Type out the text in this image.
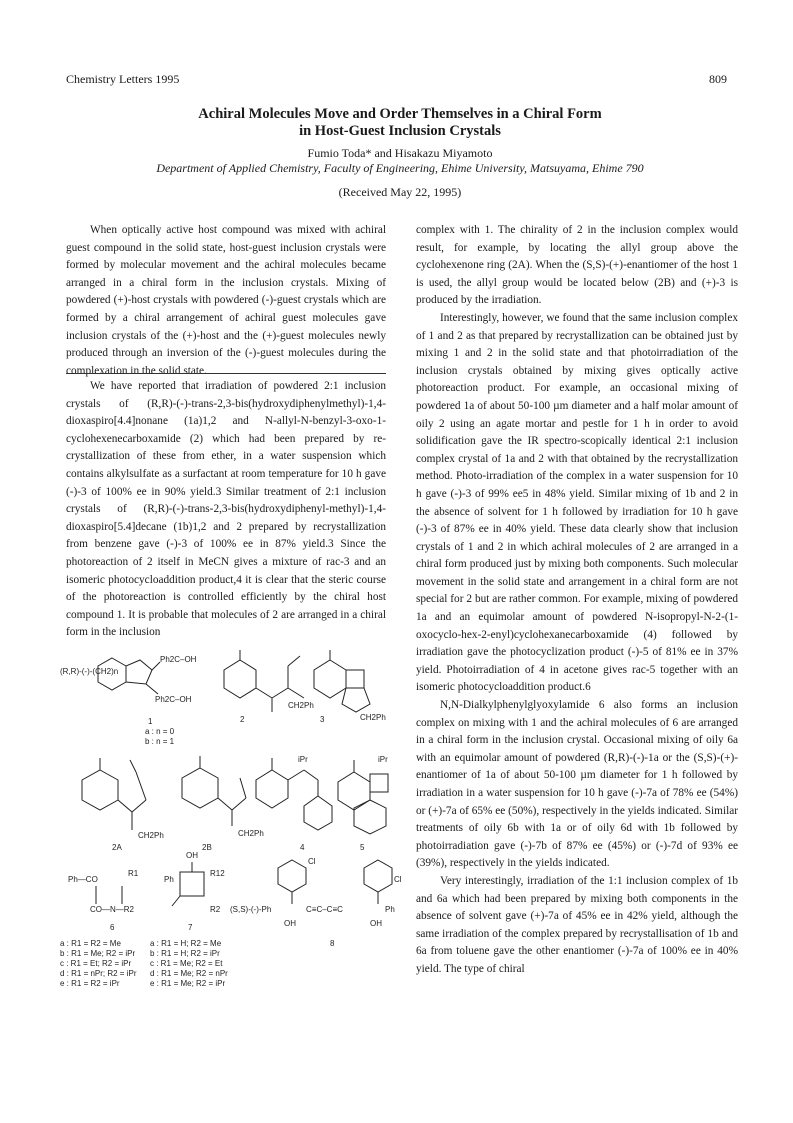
Chemistry Letters 1995	809
Achiral Molecules Move and Order Themselves in a Chiral Form
in Host-Guest Inclusion Crystals
Fumio Toda* and Hisakazu Miyamoto
Department of Applied Chemistry, Faculty of Engineering, Ehime University, Matsuyama, Ehime 790
(Received May 22, 1995)

When optically active host compound was mixed with achiral guest compound in the solid state, host-guest inclusion crystals were formed by molecular movement and the achiral molecules became arranged in a chiral form in the inclusion crystals. Mixing of powdered (+)-host crystals with powdered (-)-guest crystals which are formed by a chiral arrangement of achiral guest molecules gave inclusion crystals of the (+)-host and the (+)-guest molecules newly produced through an inversion of the (-)-guest molecules during the complexation in the solid state.

We have reported that irradiation of powdered 2:1 inclusion crystals of (R,R)-(-)-trans-2,3-bis(hydroxydiphenylmethyl)-1,4-dioxaspiro[4.4]nonane (1a)1,2 and N-allyl-N-benzyl-3-oxo-1-cyclohexenecarboxamide (2) which had been prepared by re-crystallization of these from ether, in a water suspension which contains alkylsulfate as a surfactant at room temperature for 10 h gave (-)-3 of 100% ee in 90% yield.3 Similar treatment of 2:1 inclusion crystals of (R,R)-(-)-trans-2,3-bis(hydroxydiphenyl-methyl)-1,4-dioxaspiro[5.4]decane (1b)1,2 and 2 prepared by recrystallization from benzene gave (-)-3 of 100% ee in 87% yield.3 Since the photoreaction of 2 itself in MeCN gives a mixture of rac-3 and an isomeric photocycloaddition product,4 it is clear that the steric course of the photoreaction is controlled efficiently by the chiral host compound 1. It is probable that molecules of 2 are arranged in a chiral form in the inclusion

(R,R)-(-)-(CH2)n
Ph2C–OH
Ph2C–OH
1
a : n = 0
b : n = 1
CH2Ph
2	CH2Ph
3
CH2Ph
2A
CH2Ph
2B
iPr
4
iPr
5
Ph—CO
R1
CO—N—R2
6
a : R1 = R2 = Me
b : R1 = Me; R2 = iPr
c : R1 = Et; R2 = iPr
d : R1 = nPr; R2 = iPr
e : R1 = R2 = iPr
Ph
OH
R12
R2
7
a : R1 = H; R2 = Me
b : R1 = H; R2 = iPr
c : R1 = Me; R2 = Et
d : R1 = Me; R2 = nPr
e : R1 = Me; R2 = iPr
(S,S)-(-)-Ph	C≡C–C≡C	Ph
Cl
Cl
OH	OH
8

complex with 1. The chirality of 2 in the inclusion complex would result, for example, by locating the allyl group above the cyclohexenone ring (2A). When the (S,S)-(+)-enantiomer of the host 1 is used, the allyl group would be located below (2B) and (+)-3 is produced by the irradiation.

Interestingly, however, we found that the same inclusion complex of 1 and 2 as that prepared by recrystallization can be obtained just by mixing 1 and 2 in the solid state and that photoirradiation of the inclusion crystals obtained by mixing gives optically active photoreaction product. For example, an occasional mixing of powdered 1a of about 50-100 µm diameter and a half molar amount of oily 2 using an agate mortar and pestle for 1 h in order to avoid solidification gave the IR spectro-scopically identical 2:1 inclusion complex crystal of 1a and 2 with that obtained by the recrystallization method. Photo-irradiation of the complex in a water suspension for 10 h gave (-)-3 of 99% ee5 in 48% yield. Similar mixing of 1b and 2 in the absence of solvent for 1 h followed by irradiation for 10 h gave (-)-3 of 87% ee in 40% yield. These data clearly show that inclusion crystals of 1 and 2 in which achiral molecules of 2 are arranged in a chiral form produced just by mixing both components. Such molecular movement in the solid state and arrangement in a chiral form are not special for 2 but are rather common. For example, mixing of powdered 1a and an equimolar amount of powdered N-isopropyl-N-2-(1-oxocyclo-hex-2-enyl)cyclohexanecarboxamide (4) followed by irradiation gave the photocyclization product (-)-5 of 81% ee in 37% yield. Photoirradiation of 4 in acetone gives rac-5 together with an isomeric photocycloaddition product.6

N,N-Dialkylphenylglyoxylamide 6 also forms an inclusion complex on mixing with 1 and the achiral molecules of 6 are arranged in a chiral form in the inclusion crystal. Occasional mixing of oily 6a with an equimolar amount of powdered (R,R)-(-)-1a or the (S,S)-(+)-enantiomer of 1a of about 50-100 µm diameter for 1 h followed by irradiation in a water suspension for 10 h gave (-)-7a of 78% ee (54%) or (+)-7a of 65% ee (50%), respectively in the yields indicated. Similar treatments of oily 6b with 1a or of oily 6d with 1b followed by photoirradiation gave (-)-7b of 87% ee (45%) or (-)-7d of 93% ee (39%), respectively in the yields indicated.

Very interestingly, irradiation of the 1:1 inclusion complex of 1b and 6a which had been prepared by mixing both components in the absence of solvent gave (+)-7a of 45% ee in 42% yield, although the same irradiation of the complex prepared by recrystallisation of 1b and 6a from toluene gave the other enantiomer (-)-7a of 100% ee in 40% yield. The type of chiral
